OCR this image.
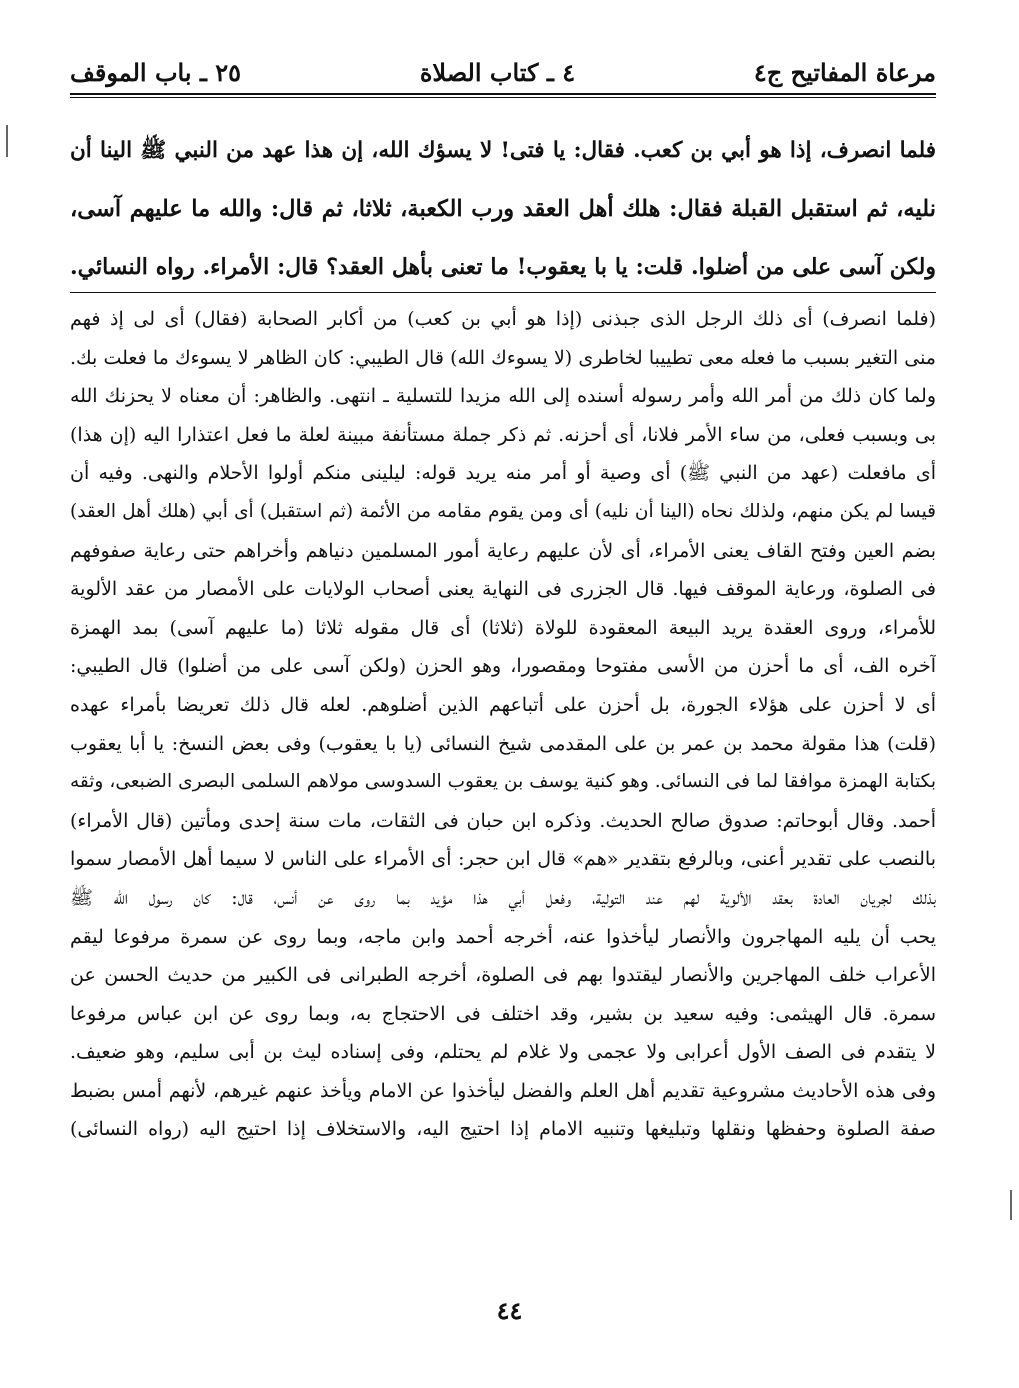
مرعاة المفاتيح ج٤
٤ ـ كتاب الصلاة
٢٥ ـ باب الموقف
فلما انصرف، إذا هو أبي بن كعب. فقال: يا فتى! لا يسؤك الله، إن هذا عهد من النبي ﷺ الينا أن
نليه، ثم استقبل القبلة فقال: هلك أهل العقد ورب الكعبة، ثلاثا، ثم قال: والله ما عليهم آسى،
ولكن آسى على من أضلوا. قلت: يا با يعقوب! ما تعنى بأهل العقد؟ قال: الأمراء. رواه النسائي.
(فلما انصرف) أى ذلك الرجل الذى جبذنى (إذا هو أبي بن كعب) من أكابر الصحابة (فقال) أى لى إذ فهم
منى التغير بسبب ما فعله معى تطييبا لخاطرى (لا يسوءك الله) قال الطيبي: كان الظاهر لا يسوءك ما فعلت بك.
ولما كان ذلك من أمر الله وأمر رسوله أسنده إلى الله مزيدا للتسلية ـ انتهى. والظاهر: أن معناه لا يحزنك الله
بى وبسبب فعلى، من ساء الأمر فلانا، أى أحزنه. ثم ذكر جملة مستأنفة مبينة لعلة ما فعل اعتذارا اليه (إن هذا)
أى مافعلت (عهد من النبي ﷺ) أى وصية أو أمر منه يريد قوله: ليلينى منكم أولوا الأحلام والنهى. وفيه أن
قيسا لم يكن منهم، ولذلك نحاه (الينا أن نليه) أى ومن يقوم مقامه من الأئمة (ثم استقبل) أى أبي (هلك أهل العقد)
بضم العين وفتح القاف يعنى الأمراء، أى لأن عليهم رعاية أمور المسلمين دنياهم وأخراهم حتى رعاية صفوفهم
فى الصلوة، ورعاية الموقف فيها. قال الجزرى فى النهاية يعنى أصحاب الولايات على الأمصار من عقد الألوية
للأمراء، وروى العقدة يريد البيعة المعقودة للولاة (ثلاثا) أى قال مقوله ثلاثا (ما عليهم آسى) بمد الهمزة
آخره الف، أى ما أحزن من الأسى مفتوحا ومقصورا، وهو الحزن (ولكن آسى على من أضلوا) قال الطيبي:
أى لا أحزن على هؤلاء الجورة، بل أحزن على أتباعهم الذين أضلوهم. لعله قال ذلك تعريضا بأمراء عهده
(قلت) هذا مقولة محمد بن عمر بن على المقدمى شيخ النسائى (يا با يعقوب) وفى بعض النسخ: يا أبا يعقوب
بكتابة الهمزة موافقا لما فى النسائى. وهو كنية يوسف بن يعقوب السدوسى مولاهم السلمى البصرى الضبعى، وثقه
أحمد. وقال أبوحاتم: صدوق صالح الحديث. وذكره ابن حبان فى الثقات، مات سنة إحدى ومأتين (قال الأمراء)
بالنصب على تقدير أعنى، وبالرفع بتقدير «هم» قال ابن حجر: أى الأمراء على الناس لا سيما أهل الأمصار سموا
بذلك لجريان العادة بعقد الألوية لهم عند التولية، وفعل أبي هذا مؤيد بما روى عن أنس، قال: كان رسول الله ﷺ
يحب أن يليه المهاجرون والأنصار ليأخذوا عنه، أخرجه أحمد وابن ماجه، وبما روى عن سمرة مرفوعا ليقم
الأعراب خلف المهاجرين والأنصار ليقتدوا بهم فى الصلوة، أخرجه الطبرانى فى الكبير من حديث الحسن عن
سمرة. قال الهيثمى: وفيه سعيد بن بشير، وقد اختلف فى الاحتجاج به، وبما روى عن ابن عباس مرفوعا
لا يتقدم فى الصف الأول أعرابى ولا عجمى ولا غلام لم يحتلم، وفى إسناده ليث بن أبى سليم، وهو ضعيف.
وفى هذه الأحاديث مشروعية تقديم أهل العلم والفضل ليأخذوا عن الامام ويأخذ عنهم غيرهم، لأنهم أمس بضبط
صفة الصلوة وحفظها ونقلها وتبليغها وتنبيه الامام إذا احتيج اليه، والاستخلاف إذا احتيج اليه (رواه النسائى)
٤٤
